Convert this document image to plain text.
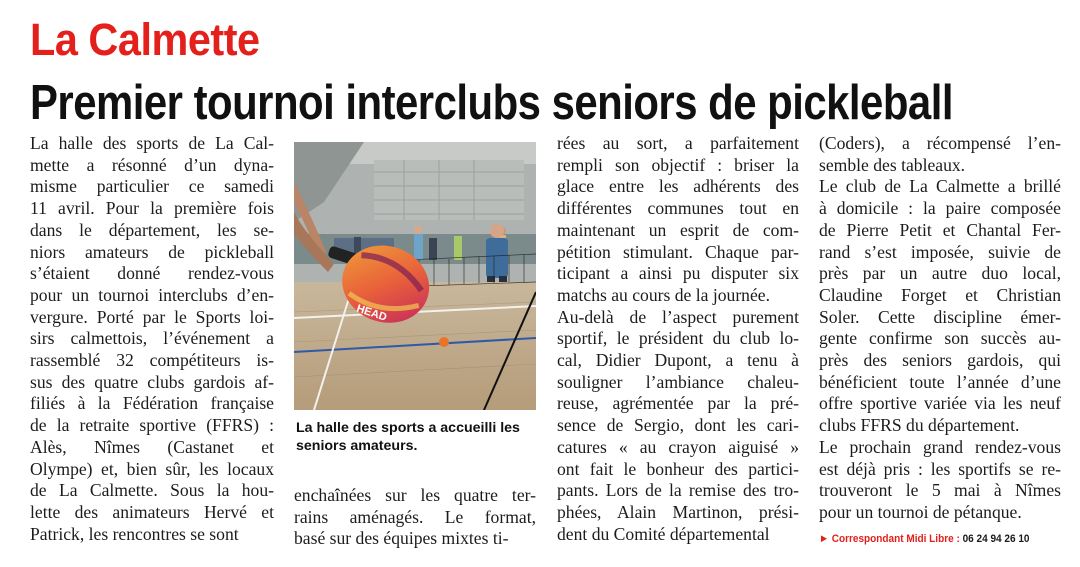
La Calmette
Premier tournoi interclubs seniors de pickleball
La halle des sports de La Cal-
mette a résonné d’un dyna-
misme particulier ce samedi
11 avril. Pour la première fois
dans le département, les se-
niors amateurs de pickleball
s’étaient donné rendez-vous
pour un tournoi interclubs d’en-
vergure. Porté par le Sports loi-
sirs calmettois, l’événement a
rassemblé 32 compétiteurs is-
sus des quatre clubs gardois af-
filiés à la Fédération française
de la retraite sportive (FFRS) :
Alès, Nîmes (Castanet et
Olympe) et, bien sûr, les locaux
de La Calmette. Sous la hou-
lette des animateurs Hervé et
Patrick, les rencontres se sont
HEAD
La halle des sports a accueilli les seniors amateurs.
enchaînées sur les quatre ter-
rains aménagés. Le format,
basé sur des équipes mixtes ti-
rées au sort, a parfaitement
rempli son objectif : briser la
glace entre les adhérents des
différentes communes tout en
maintenant un esprit de com-
pétition stimulant. Chaque par-
ticipant a ainsi pu disputer six
matchs au cours de la journée.
Au-delà de l’aspect purement
sportif, le président du club lo-
cal, Didier Dupont, a tenu à
souligner l’ambiance chaleu-
reuse, agrémentée par la pré-
sence de Sergio, dont les cari-
catures « au crayon aiguisé »
ont fait le bonheur des partici-
pants. Lors de la remise des tro-
phées, Alain Martinon, prési-
dent du Comité départemental
(Coders), a récompensé l’en-
semble des tableaux.
Le club de La Calmette a brillé
à domicile : la paire composée
de Pierre Petit et Chantal Fer-
rand s’est imposée, suivie de
près par un autre duo local,
Claudine Forget et Christian
Soler. Cette discipline émer-
gente confirme son succès au-
près des seniors gardois, qui
bénéficient toute l’année d’une
offre sportive variée via les neuf
clubs FFRS du département.
Le prochain grand rendez-vous
est déjà pris : les sportifs se re-
trouveront le 5 mai à Nîmes
pour un tournoi de pétanque.
► Correspondant Midi Libre : 06 24 94 26 10
